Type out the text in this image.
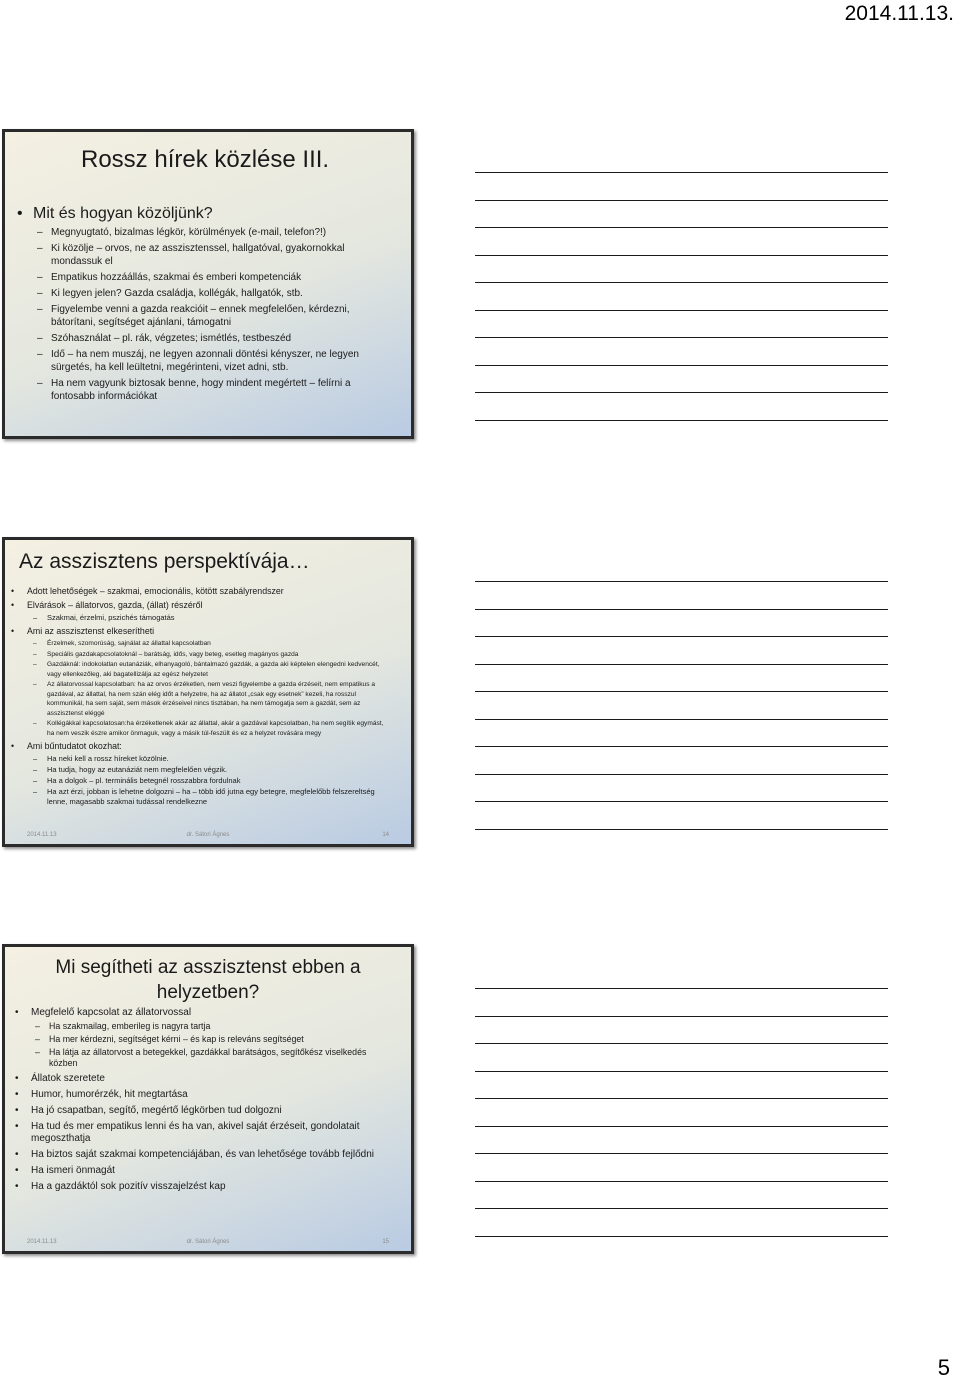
2014.11.13.
Rossz hírek közlése III.
• Mit és hogyan közöljünk?
– Megnyugtató, bizalmas légkör, körülmények (e-mail, telefon?!)
– Ki közölje – orvos, ne az asszisztenssel, hallgatóval, gyakornokkal mondassuk el
– Empatikus hozzáállás, szakmai és emberi kompetenciák
– Ki legyen jelen? Gazda családja, kollégák, hallgatók, stb.
– Figyelembe venni a gazda reakcióit – ennek megfelelően, kérdezni, bátorítani, segítséget ajánlani, támogatni
– Szóhasználat – pl. rák, végzetes; ismétlés, testbeszéd
– Idő – ha nem muszáj, ne legyen azonnali döntési kényszer, ne legyen sürgetés, ha kell leültetni, megérinteni, vizet adni, stb.
– Ha nem vagyunk biztosak benne, hogy mindent megértett – felírni a fontosabb információkat
Az asszisztens perspektívája…
• Adott lehetőségek – szakmai, emocionális, kötött szabályrendszer
• Elvárások – állatorvos, gazda, (állat) részéről
– Szakmai, érzelmi, pszichés támogatás
• Ami az asszisztenst elkeserítheti
– Érzelmek, szomorúság, sajnálat az állattal kapcsolatban
– Speciális gazdakapcsolatoknál – barátság, idős, vagy beteg, esetleg magányos gazda
– Gazdáknál: indokolatlan eutanáziák, elhanyagoló, bántalmazó gazdák, a gazda aki képtelen elengedni kedvencét, vagy ellenkezőleg, aki bagatellizálja az egész helyzetet
– Az állatorvossal kapcsolatban: ha az orvos érzéketlen, nem veszi figyelembe a gazda érzéseit, nem empatikus a gazdával, az állattal, ha nem szán elég időt a helyzetre, ha az állatot „csak egy esetnek” kezeli, ha rosszul kommunikál, ha sem saját, sem mások érzéseivel nincs tisztában, ha nem támogatja sem a gazdát, sem az asszisztenst eléggé
– Kollégákkal kapcsolatosan:ha érzéketlenek akár az állattal, akár a gazdával kapcsolatban, ha nem segítik egymást, ha nem veszik észre amikor önmaguk, vagy a másik túl-feszült és ez a helyzet rovására megy
• Ami bűntudatot okozhat:
– Ha neki kell a rossz híreket közölnie.
– Ha tudja, hogy az eutanáziát nem megfelelően végzik.
– Ha a dolgok – pl. terminális betegnél rosszabbra fordulnak
– Ha azt érzi, jobban is lehetne dolgozni – ha – több idő jutna egy betegre, megfelelőbb felszereltség lenne, magasabb szakmai tudással rendelkezne
2014.11.13	dr. Sátori Ágnes	14
Mi segítheti az asszisztenst ebben a
helyzetben?
• Megfelelő kapcsolat az állatorvossal
– Ha szakmailag, emberileg is nagyra tartja
– Ha mer kérdezni, segítséget kérni – és kap is releváns segítséget
– Ha látja az állatorvost a betegekkel, gazdákkal barátságos, segítőkész viselkedés közben
• Állatok szeretete
• Humor, humorérzék, hit megtartása
• Ha jó csapatban, segítő, megértő légkörben tud dolgozni
• Ha tud és mer empatikus lenni és ha van, akivel saját érzéseit, gondolatait megoszthatja
• Ha biztos saját szakmai kompetenciájában, és van lehetősége tovább fejlődni
• Ha ismeri önmagát
• Ha a gazdáktól sok pozitív visszajelzést kap
2014.11.13	dr. Sátori Ágnes	15
5
